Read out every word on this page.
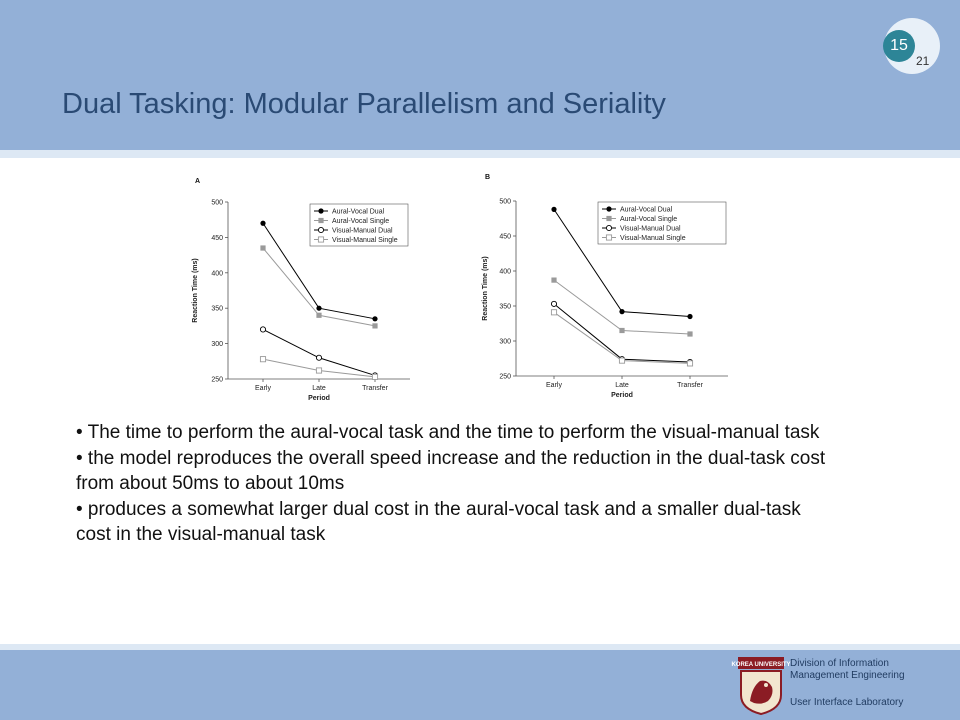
15
21
Dual Tasking: Modular Parallelism and Seriality
A
250
300
350
400
450
500
Early	Late	Transfer
Period
Reaction Time (ms)
Aural-Vocal Dual
Aural-Vocal Single
Visual-Manual Dual
Visual-Manual Single
B
250
300
350
400
450
500
Early	Late	Transfer
Period
Reaction Time (ms)
Aural-Vocal Dual
Aural-Vocal Single
Visual-Manual Dual
Visual-Manual Single

• The time to perform the aural-vocal task and the time to perform the visual-manual task

• the model reproduces the overall speed increase and the reduction in the dual-task cost from about 50ms to about 10ms

• produces a somewhat larger dual cost in the aural-vocal task and a smaller dual-task cost in the visual-manual task

KOREA UNIVERSITY Division of Information
Management Engineering
User Interface Laboratory
